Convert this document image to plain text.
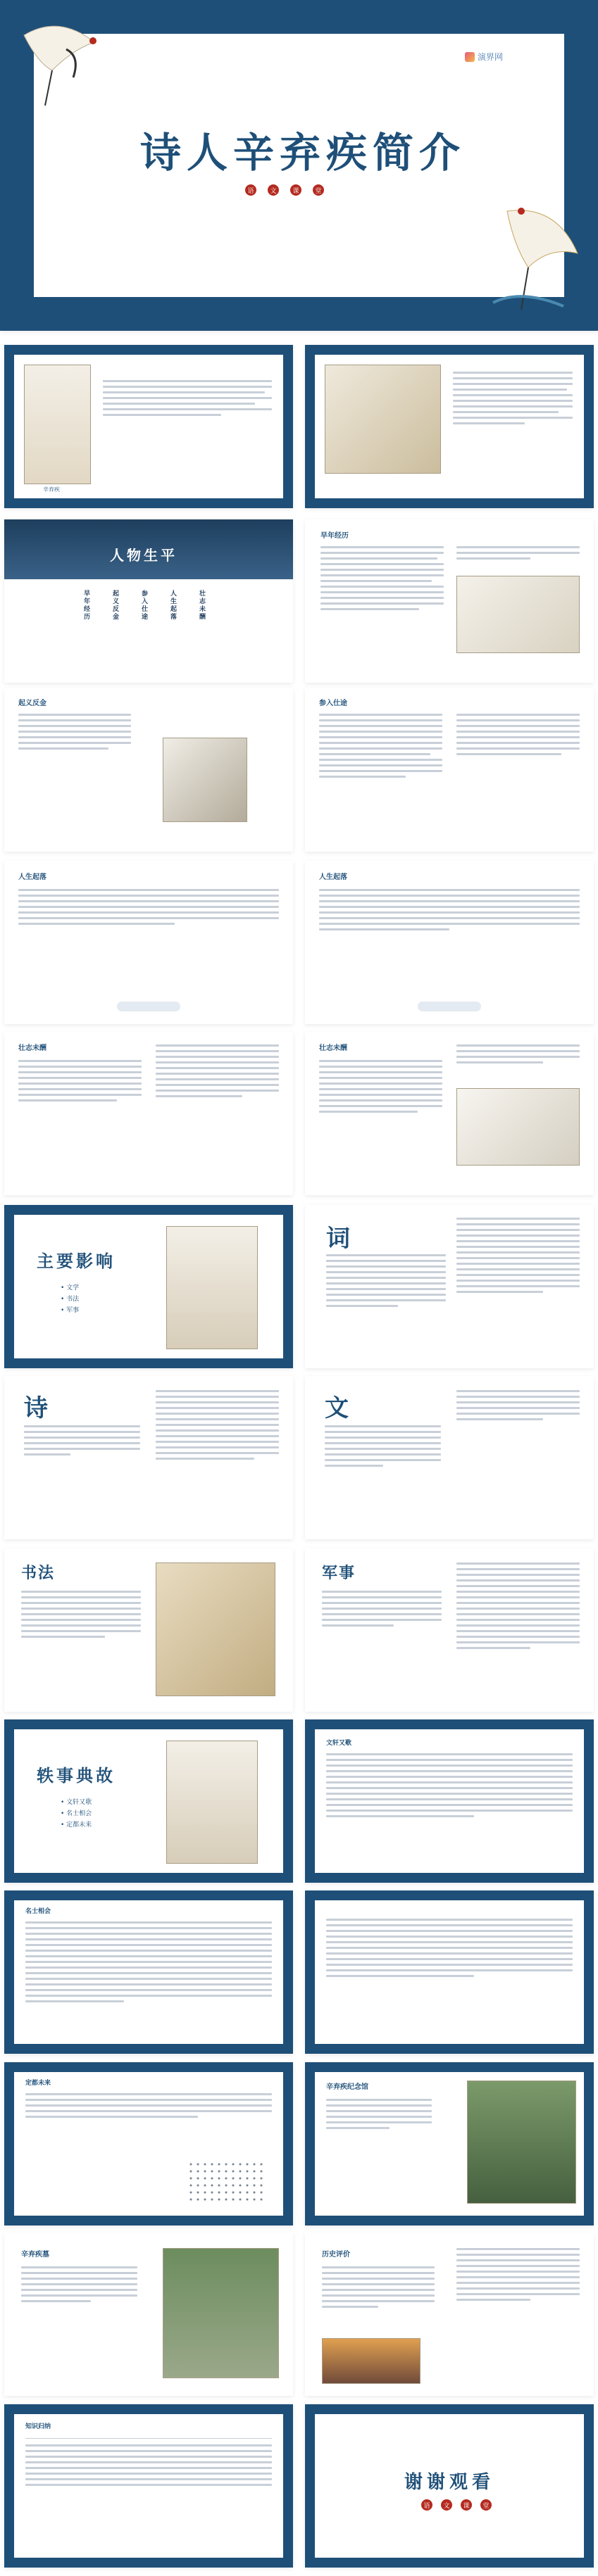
演界网
诗人辛弃疾简介
语	文	课	堂
辛弃疾
人物生平
早年经历	起义反金	参入仕途	人生起落	壮志未酬
早年经历
起义反金	参入仕途
人生起落	人生起落
壮志未酬	壮志未酬
主要影响
• 文学
• 书法
• 军事
词
诗	文
书法	军事
轶事典故
• 文轩又歌
• 名士相会
• 定都未来
文轩又歌
名士相会
定都未来	辛弃疾纪念馆
辛弃疾墓	历史评价
知识归纳
谢谢观看
语	文	课	堂
